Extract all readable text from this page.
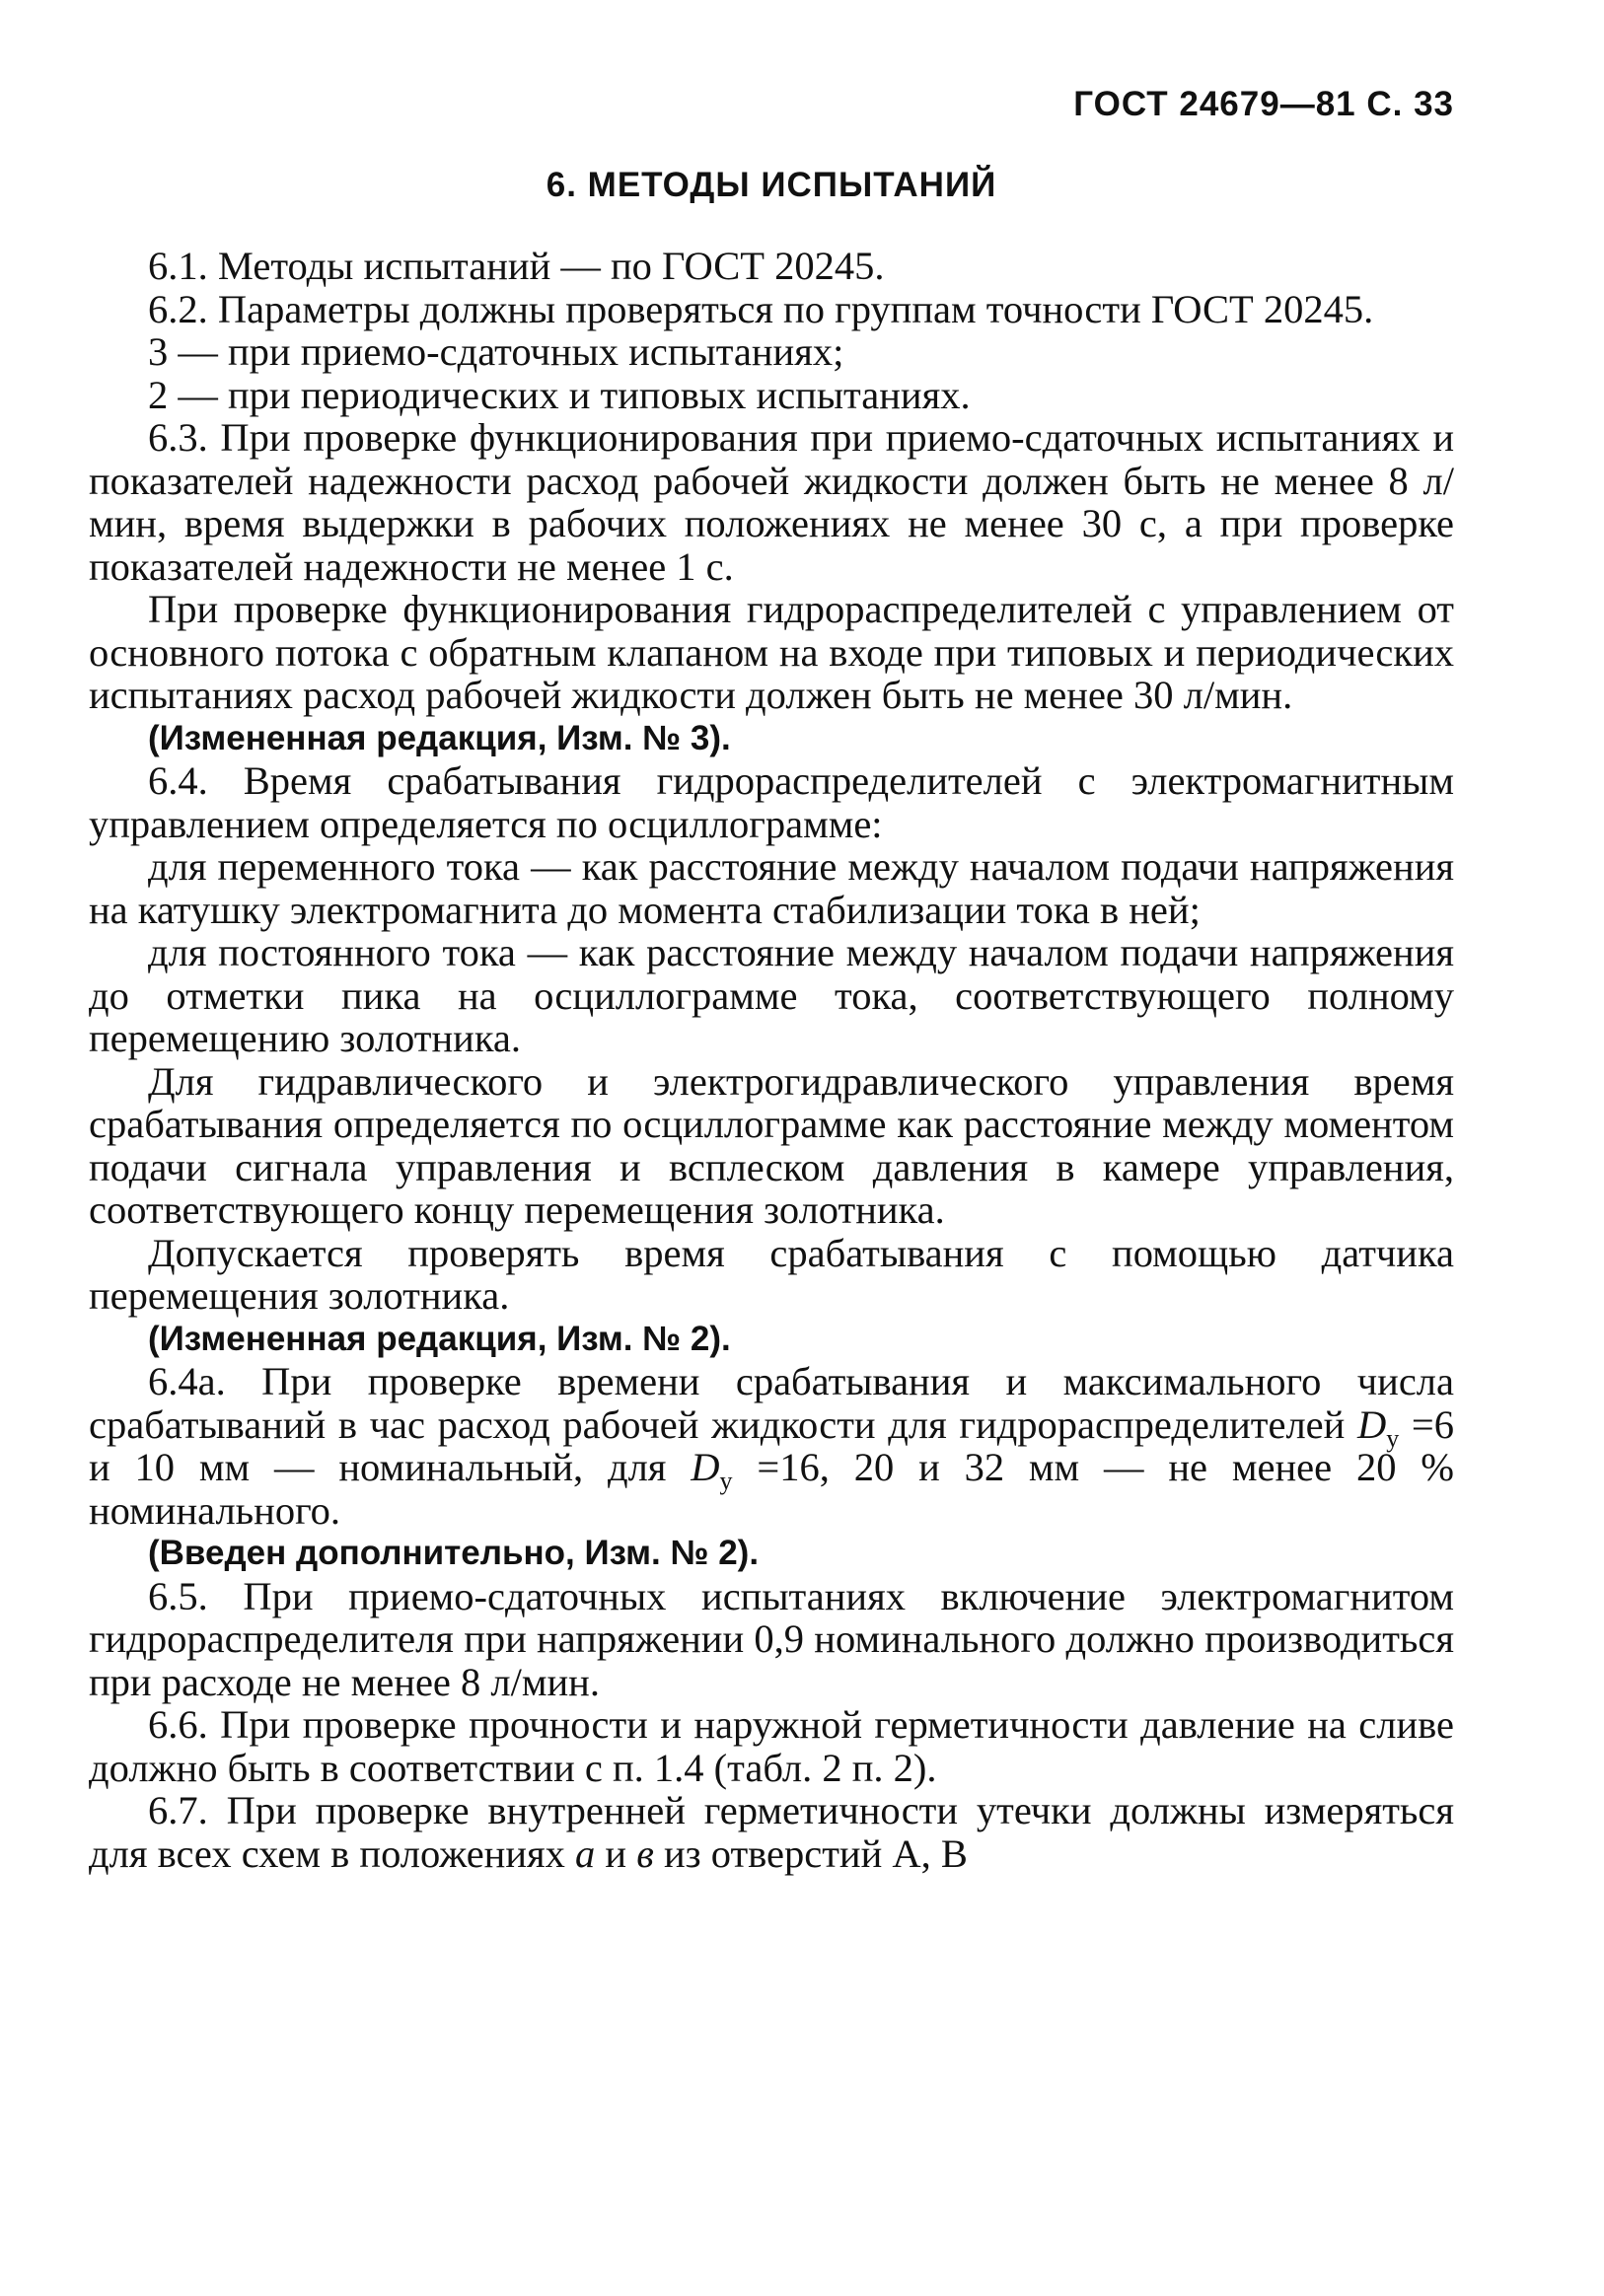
ГОСТ 24679—81 С. 33
6. МЕТОДЫ ИСПЫТАНИЙ

6.1. Методы испытаний — по ГОСТ 20245.

6.2. Параметры должны проверяться по группам точности ГОСТ 20245.

3 — при приемо-сдаточных испытаниях;

2 — при периодических и типовых испытаниях.

6.3. При проверке функционирования при приемо-сдаточных испытаниях и показателей надежности расход рабочей жидкости должен быть не менее 8 л/мин, время выдержки в рабочих положениях не менее 30 с, а при проверке показателей надежности не менее 1 с.

При проверке функционирования гидрораспределителей с управлением от основного потока с обратным клапаном на входе при типовых и периодических испытаниях расход рабочей жидкости должен быть не менее 30 л/мин.

(Измененная редакция, Изм. № 3).

6.4. Время срабатывания гидрораспределителей с электромагнитным управлением определяется по осциллограмме:

для переменного тока — как расстояние между началом подачи напряжения на катушку электромагнита до момента стабилизации тока в ней;

для постоянного тока — как расстояние между началом подачи напряжения до отметки пика на осциллограмме тока, соответствующего полному перемещению золотника.

Для гидравлического и электрогидравлического управления время срабатывания определяется по осциллограмме как расстояние между моментом подачи сигнала управления и всплеском давления в камере управления, соответствующего концу перемещения золотника.

Допускается проверять время срабатывания с помощью датчика перемещения золотника.

(Измененная редакция, Изм. № 2).

6.4а. При проверке времени срабатывания и максимального числа срабатываний в час расход рабочей жидкости для гидрораспределителей $D_у =6$ и 10 мм — номинальный, для $D_у =16$, 20 и 32 мм — не менее 20 % номинального.

(Введен дополнительно, Изм. № 2).

6.5. При приемо-сдаточных испытаниях включение электромагнитом гидрораспределителя при напряжении 0,9 номинального должно производиться при расходе не менее 8 л/мин.

6.6. При проверке прочности и наружной герметичности давление на сливе должно быть в соответствии с п. 1.4 (табл. 2 п. 2).

6.7. При проверке внутренней герметичности утечки должны измеряться для всех схем в положениях а и в из отверстий А, В
